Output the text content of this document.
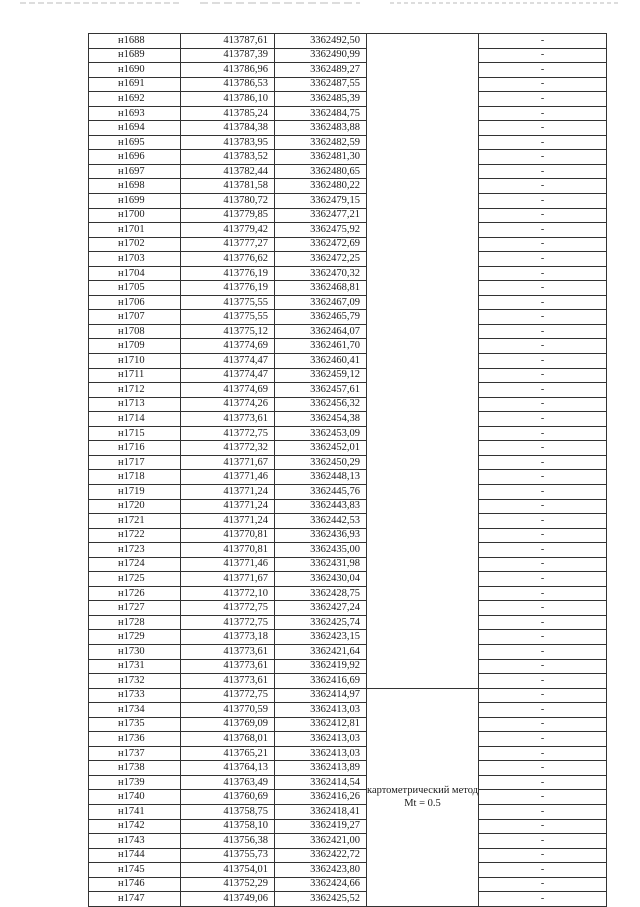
н1688	413787,61	3362492,50		-
н1689	413787,39	3362490,99		-
н1690	413786,96	3362489,27		-
н1691	413786,53	3362487,55		-
н1692	413786,10	3362485,39		-
н1693	413785,24	3362484,75		-
н1694	413784,38	3362483,88		-
н1695	413783,95	3362482,59		-
н1696	413783,52	3362481,30		-
н1697	413782,44	3362480,65		-
н1698	413781,58	3362480,22		-
н1699	413780,72	3362479,15		-
н1700	413779,85	3362477,21		-
н1701	413779,42	3362475,92		-
н1702	413777,27	3362472,69		-
н1703	413776,62	3362472,25		-
н1704	413776,19	3362470,32		-
н1705	413776,19	3362468,81		-
н1706	413775,55	3362467,09		-
н1707	413775,55	3362465,79		-
н1708	413775,12	3362464,07		-
н1709	413774,69	3362461,70		-
н1710	413774,47	3362460,41		-
н1711	413774,47	3362459,12		-
н1712	413774,69	3362457,61		-
н1713	413774,26	3362456,32		-
н1714	413773,61	3362454,38		-
н1715	413772,75	3362453,09		-
н1716	413772,32	3362452,01		-
н1717	413771,67	3362450,29		-
н1718	413771,46	3362448,13		-
н1719	413771,24	3362445,76		-
н1720	413771,24	3362443,83		-
н1721	413771,24	3362442,53		-
н1722	413770,81	3362436,93		-
н1723	413770,81	3362435,00		-
н1724	413771,46	3362431,98		-
н1725	413771,67	3362430,04		-
н1726	413772,10	3362428,75		-
н1727	413772,75	3362427,24		-
н1728	413772,75	3362425,74		-
н1729	413773,18	3362423,15		-
н1730	413773,61	3362421,64		-
н1731	413773,61	3362419,92		-
н1732	413773,61	3362416,69		-
н1733	413772,75	3362414,97	картометрический метод Mt = 0.5	-
н1734	413770,59	3362413,03		-
н1735	413769,09	3362412,81		-
н1736	413768,01	3362413,03		-
н1737	413765,21	3362413,03		-
н1738	413764,13	3362413,89		-
н1739	413763,49	3362414,54		-
н1740	413760,69	3362416,26		-
н1741	413758,75	3362418,41		-
н1742	413758,10	3362419,27		-
н1743	413756,38	3362421,00		-
н1744	413755,73	3362422,72		-
н1745	413754,01	3362423,80		-
н1746	413752,29	3362424,66		-
н1747	413749,06	3362425,52		-
